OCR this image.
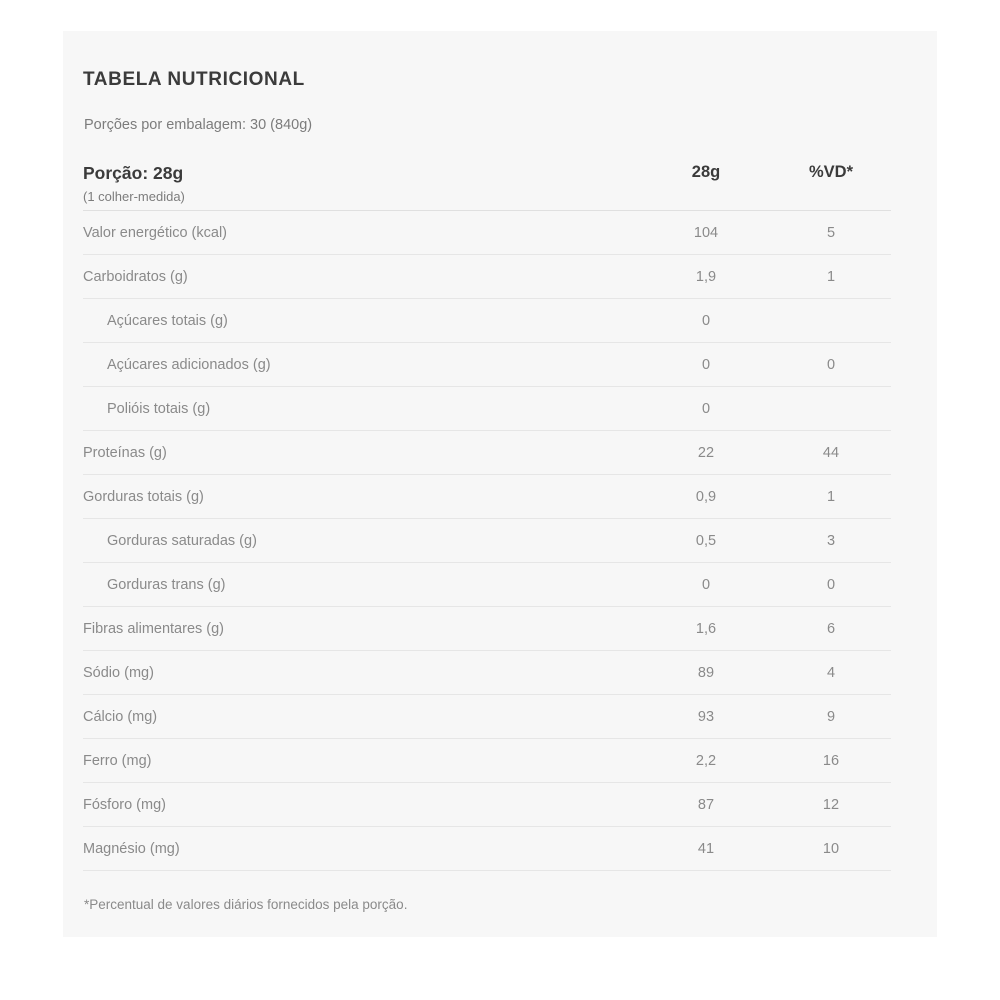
TABELA NUTRICIONAL
Porções por embalagem: 30 (840g)
Porção: 28g
(1 colher-medida)	28g	%VD*

Valor energético (kcal)	104	5
Carboidratos (g)	1,9	1
Açúcares totais (g)	0	
Açúcares adicionados (g)	0	0
Polióis totais (g)	0	
Proteínas (g)	22	44
Gorduras totais (g)	0,9	1
Gorduras saturadas (g)	0,5	3
Gorduras trans (g)	0	0
Fibras alimentares (g)	1,6	6
Sódio (mg)	89	4
Cálcio (mg)	93	9
Ferro (mg)	2,2	16
Fósforo (mg)	87	12
Magnésio (mg)	41	10
*Percentual de valores diários fornecidos pela porção.
